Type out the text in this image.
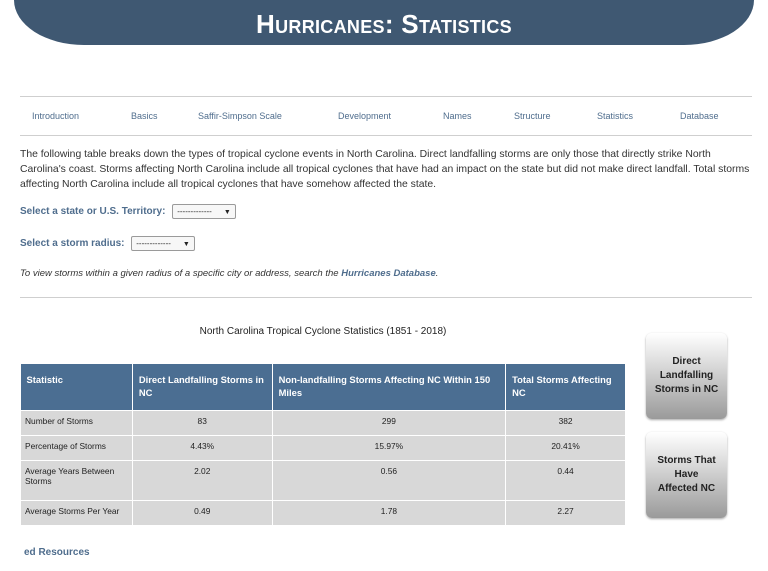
Hurricanes: Statistics
Introduction	Basics	Saffir-Simpson Scale	Development	Names	Structure	Statistics	Database

The following table breaks down the types of tropical cyclone events in North Carolina. Direct landfalling storms are only those that directly strike North Carolina's coast. Storms affecting North Carolina include all tropical cyclones that have had an impact on the state but did not make direct landfall. Total storms affecting North Carolina include all tropical cyclones that have somehow affected the state.

Select a state or U.S. Territory: ------------- ▼
Select a storm radius: ------------- ▼
To view storms within a given radius of a specific city or address, search the Hurricanes Database.
North Carolina Tropical Cyclone Statistics (1851 - 2018)
Statistic	Direct Landfalling Storms in NC	Non-landfalling Storms Affecting NC Within 150 Miles	Total Storms Affecting NC
Number of Storms	83	299	382
Percentage of Storms	4.43%	15.97%	20.41%
Average Years Between Storms	2.02	0.56	0.44
Average Storms Per Year	0.49	1.78	2.27
Direct Landfalling Storms in NC
Storms That Have Affected NC
ed Resources
